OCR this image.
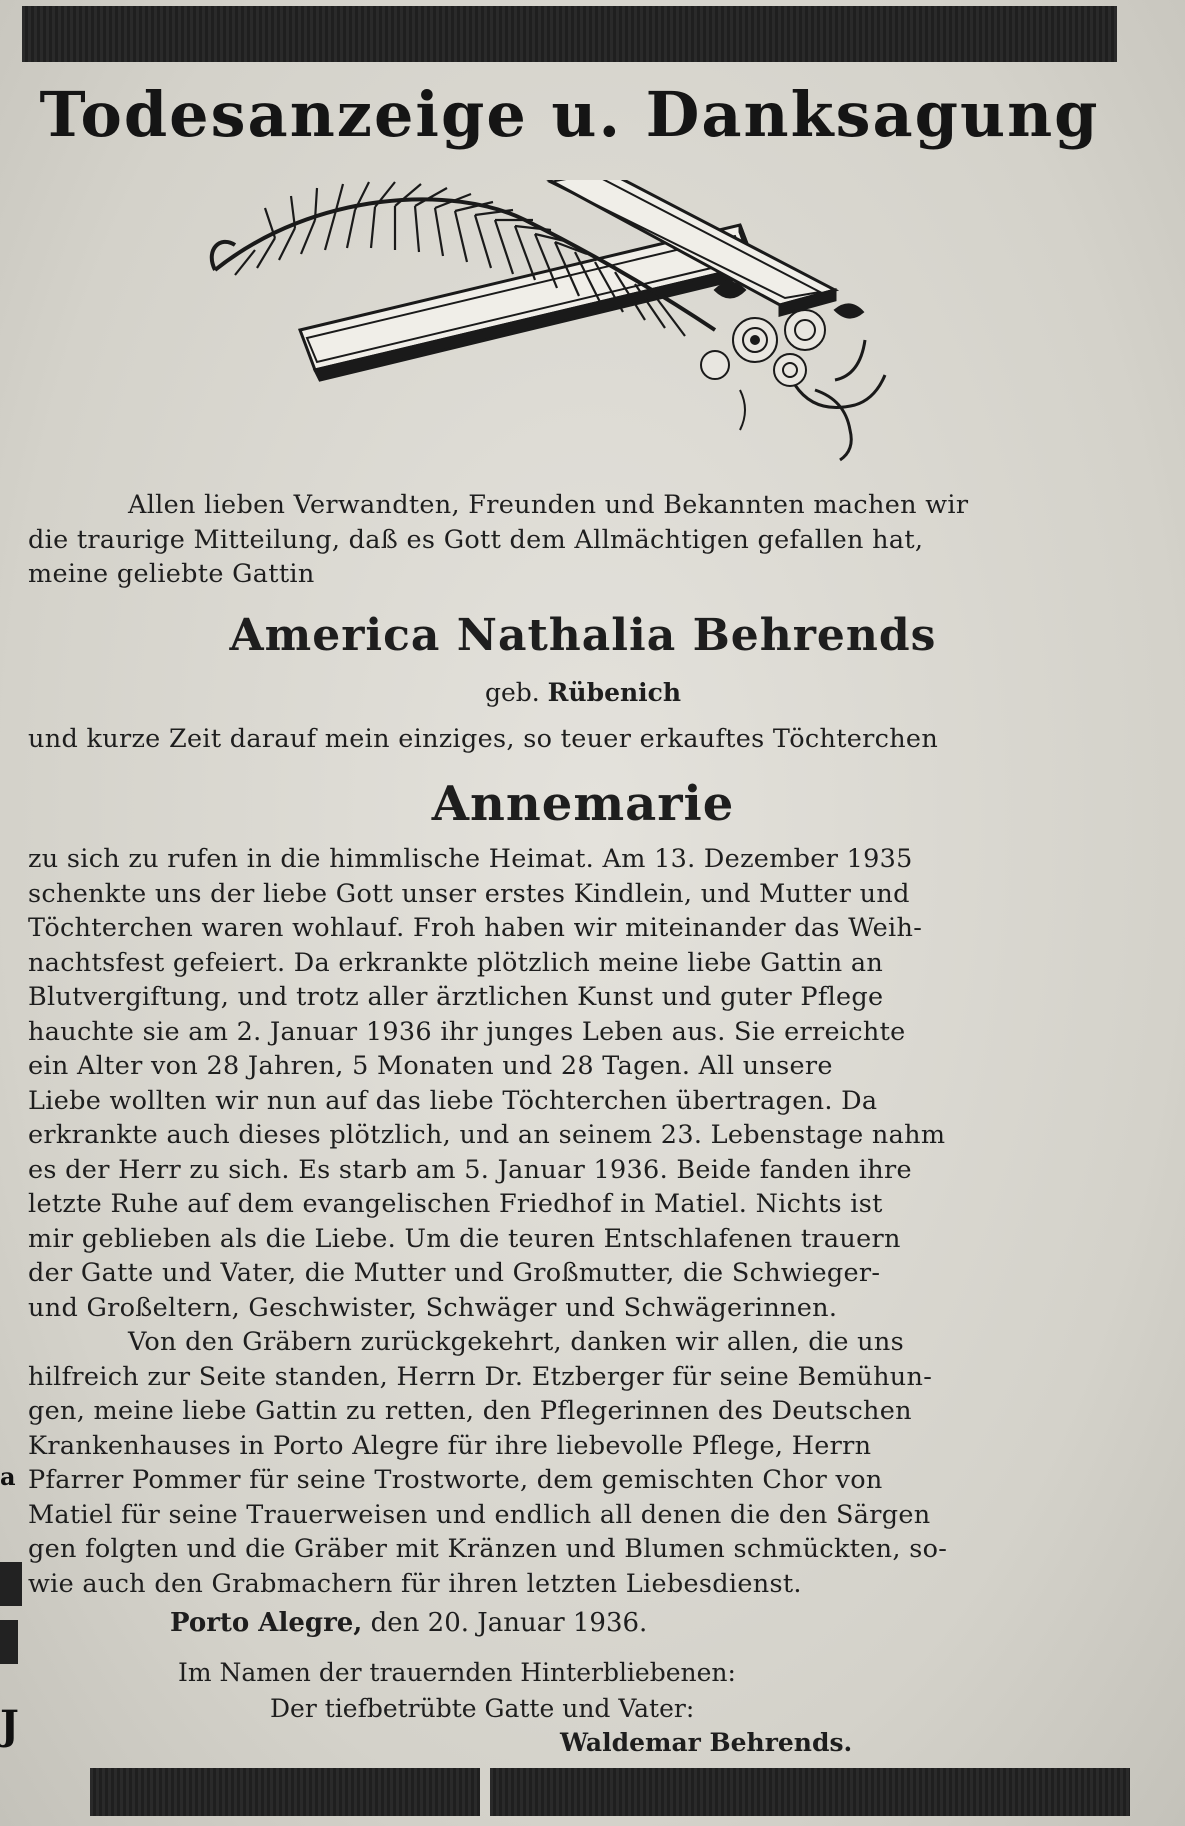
Todesanzeige u. Danksagung
Allen lieben Verwandten, Freunden und Bekannten machen wir
die traurige Mitteilung, daß es Gott dem Allmächtigen gefallen hat,
meine geliebte Gattin
America Nathalia Behrends
geb. Rübenich
und kurze Zeit darauf mein einziges, so teuer erkauftes Töchterchen
Annemarie
zu sich zu rufen in die himmlische Heimat. Am 13. Dezember 1935
schenkte uns der liebe Gott unser erstes Kindlein, und Mutter und
Töchterchen waren wohlauf. Froh haben wir miteinander das Weih-
nachtsfest gefeiert. Da erkrankte plötzlich meine liebe Gattin an
Blutvergiftung, und trotz aller ärztlichen Kunst und guter Pflege
hauchte sie am 2. Januar 1936 ihr junges Leben aus. Sie erreichte
ein Alter von 28 Jahren, 5 Monaten und 28 Tagen. All unsere
Liebe wollten wir nun auf das liebe Töchterchen übertragen. Da
erkrankte auch dieses plötzlich, und an seinem 23. Lebenstage nahm
es der Herr zu sich. Es starb am 5. Januar 1936. Beide fanden ihre
letzte Ruhe auf dem evangelischen Friedhof in Matiel. Nichts ist
mir geblieben als die Liebe. Um die teuren Entschlafenen trauern
der Gatte und Vater, die Mutter und Großmutter, die Schwieger-
und Großeltern, Geschwister, Schwäger und Schwägerinnen.
Von den Gräbern zurückgekehrt, danken wir allen, die uns
hilfreich zur Seite standen, Herrn Dr. Etzberger für seine Bemühun-
gen, meine liebe Gattin zu retten, den Pflegerinnen des Deutschen
Krankenhauses in Porto Alegre für ihre liebevolle Pflege, Herrn
Pfarrer Pommer für seine Trostworte, dem gemischten Chor von
Matiel für seine Trauerweisen und endlich all denen die den Särgen
gen folgten und die Gräber mit Kränzen und Blumen schmückten, so-
wie auch den Grabmachern für ihren letzten Liebesdienst.
Porto Alegre, den 20. Januar 1936.
Im Namen der trauernden Hinterbliebenen:
Der tiefbetrübte Gatte und Vater:
Waldemar Behrends.
a
J
